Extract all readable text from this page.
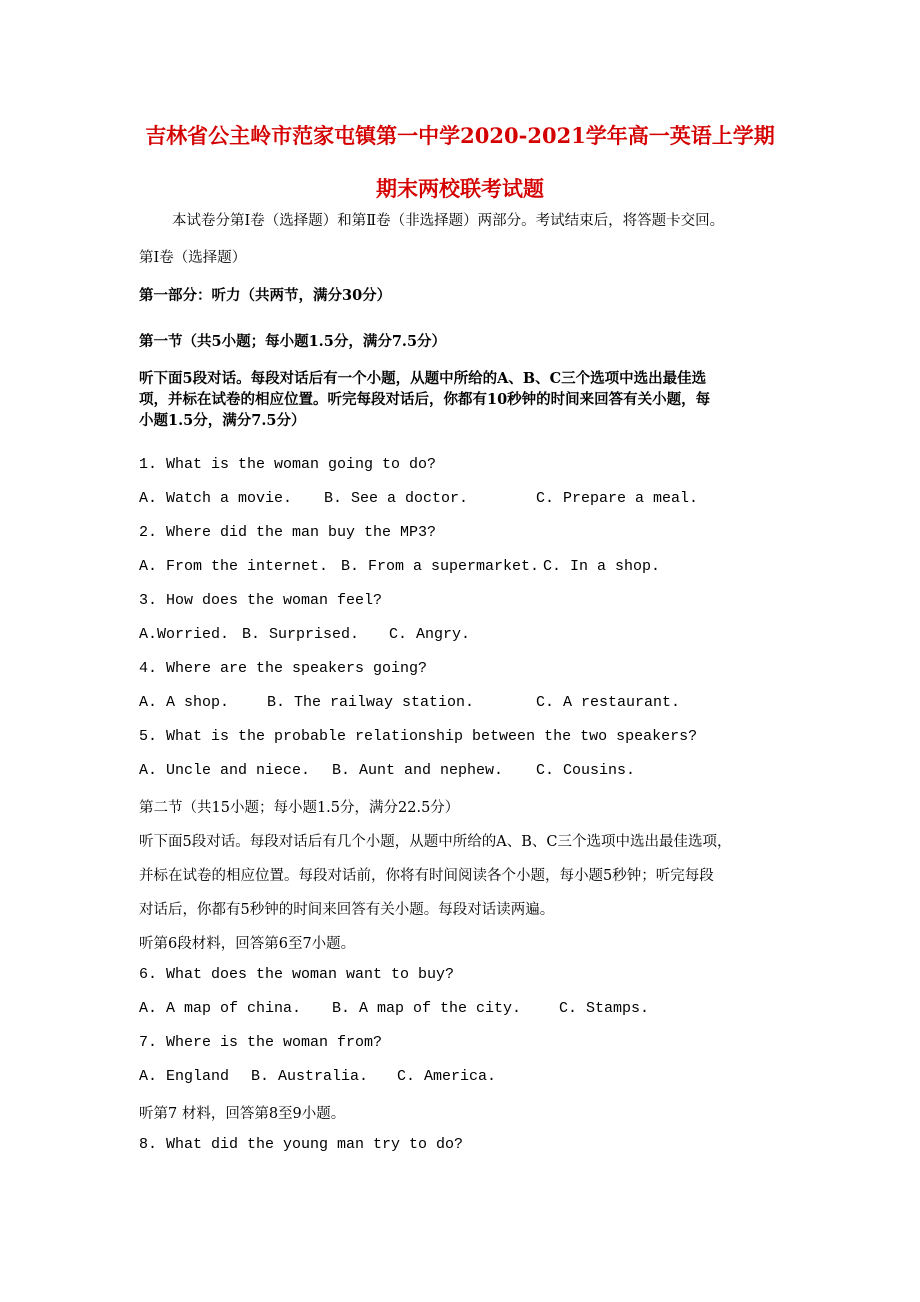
吉林省公主岭市范家屯镇第一中学2020-2021学年高一英语上学期
期末两校联考试题
本试卷分第Ⅰ卷（选择题）和第Ⅱ卷（非选择题）两部分。考试结束后，将答题卡交回。
第Ⅰ卷（选择题）
第一部分：听力（共两节，满分30分）
第一节（共5小题；每小题1.5分，满分7.5分）
听下面5段对话。每段对话后有一个小题，从题中所给的A、B、C三个选项中选出最佳选
项，并标在试卷的相应位置。听完每段对话后，你都有10秒钟的时间来回答有关小题，每
小题1.5分，满分7.5分）
1. What is the woman going to do?
A. Watch a movie. B. See a doctor.	C. Prepare a meal.
2. Where did the man buy the MP3?
A. From the internet. B. From a supermarket. C. In a shop.
3. How does the woman feel?
A.Worried. B. Surprised. C. Angry.
4. Where are the speakers going?
A. A shop.	B. The railway station.	C. A restaurant.
5. What is the probable relationship between the two speakers?
A. Uncle and niece. B. Aunt and nephew. C. Cousins.
第二节（共15小题；每小题1.5分，满分22.5分）
听下面5段对话。每段对话后有几个小题，从题中所给的A、B、C三个选项中选出最佳选项，
并标在试卷的相应位置。每段对话前，你将有时间阅读各个小题，每小题5秒钟；听完每段
对话后，你都有5秒钟的时间来回答有关小题。每段对话读两遍。
听第6段材料，回答第6至7小题。
6. What does the woman want to buy?
A. A map of china. B. A map of the city.	C. Stamps.
7. Where is the woman from?
A. England B. Australia. C. America.
听第7 材料，回答第8至9小题。
8. What did the young man try to do?
